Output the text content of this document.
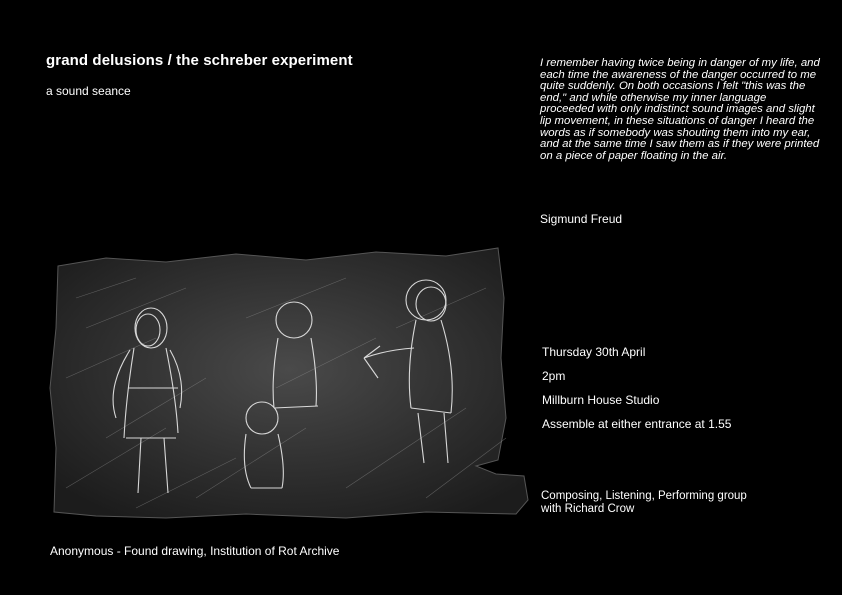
grand delusions / the schreber experiment
a sound seance
I remember having twice being in danger of my life, and each time the awareness of the danger occurred to me quite suddenly. On both occasions I felt "this was the end," and while otherwise my inner language proceeded with only indistinct sound images and slight lip movement, in these situations of danger I heard the words as if somebody was shouting them into my ear, and at the same time I saw them as if they were printed on a piece of paper floating in the air.
Sigmund Freud
Thursday 30th April
2pm
Millburn House Studio
Assemble at either entrance at 1.55
Composing, Listening, Performing group
with Richard Crow
Anonymous - Found drawing, Institution of Rot Archive
